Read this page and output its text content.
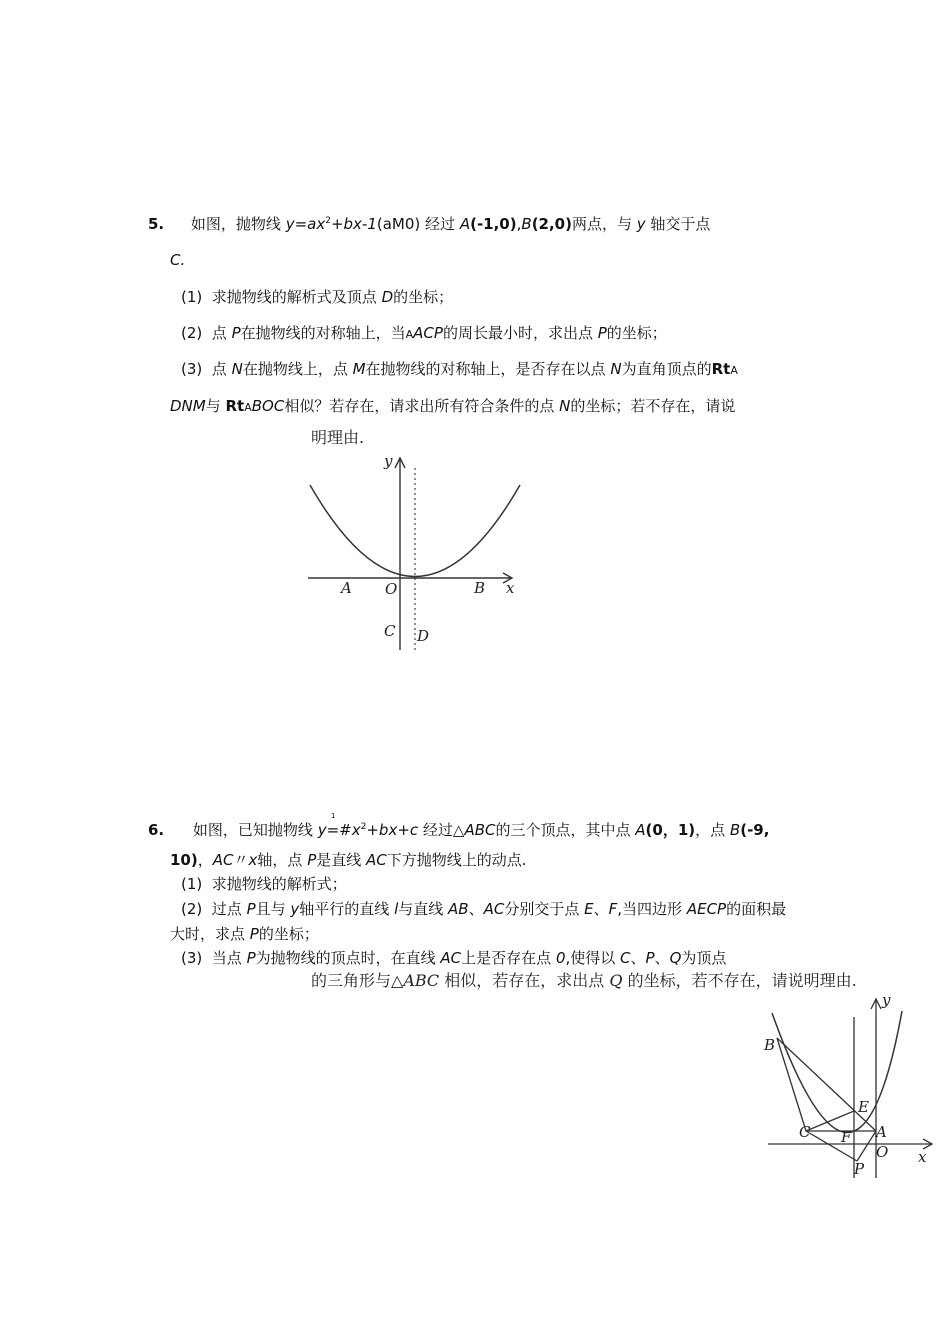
5. 如图，抛物线 $y=ax^2+bx-1(aM0)$ 经过 A(-1,0),B(2,0)两点，与 y 轴交于点
C.
(1) 求抛物线的解析式及顶点 D的坐标；
(2) 点 P在抛物线的对称轴上，当AACP的周长最小时，求出点 P的坐标；
(3) 点 N在抛物线上，点 M在抛物线的对称轴上，是否存在以点 N为直角顶点的RtA
DNM与 RtABOC相似？若存在，请求出所有符合条件的点 N的坐标；若不存在，请说
明理由.
y
x
A O	B
C D
1
6. 如图，已知抛物线 $y=\#x^2+bx+c$ 经过△ABC的三个顶点，其中点 A(0，1)，点 B(-9,
10)，AC〃x轴，点 P是直线 AC下方抛物线上的动点.
(1) 求抛物线的解析式；
(2) 过点 P且与 y轴平行的直线 l与直线 AB、AC分别交于点 E、F,当四边形 AECP的面积最
大时，求点 P的坐标；
(3) 当点 P为抛物线的顶点时，在直线 AC上是否存在点 0,使得以 C、P、Q为顶点
的三角形与△ABC 相似，若存在，求出点 Q 的坐标，若不存在，请说明理由.
y
x
B
E
C F A
O
P
